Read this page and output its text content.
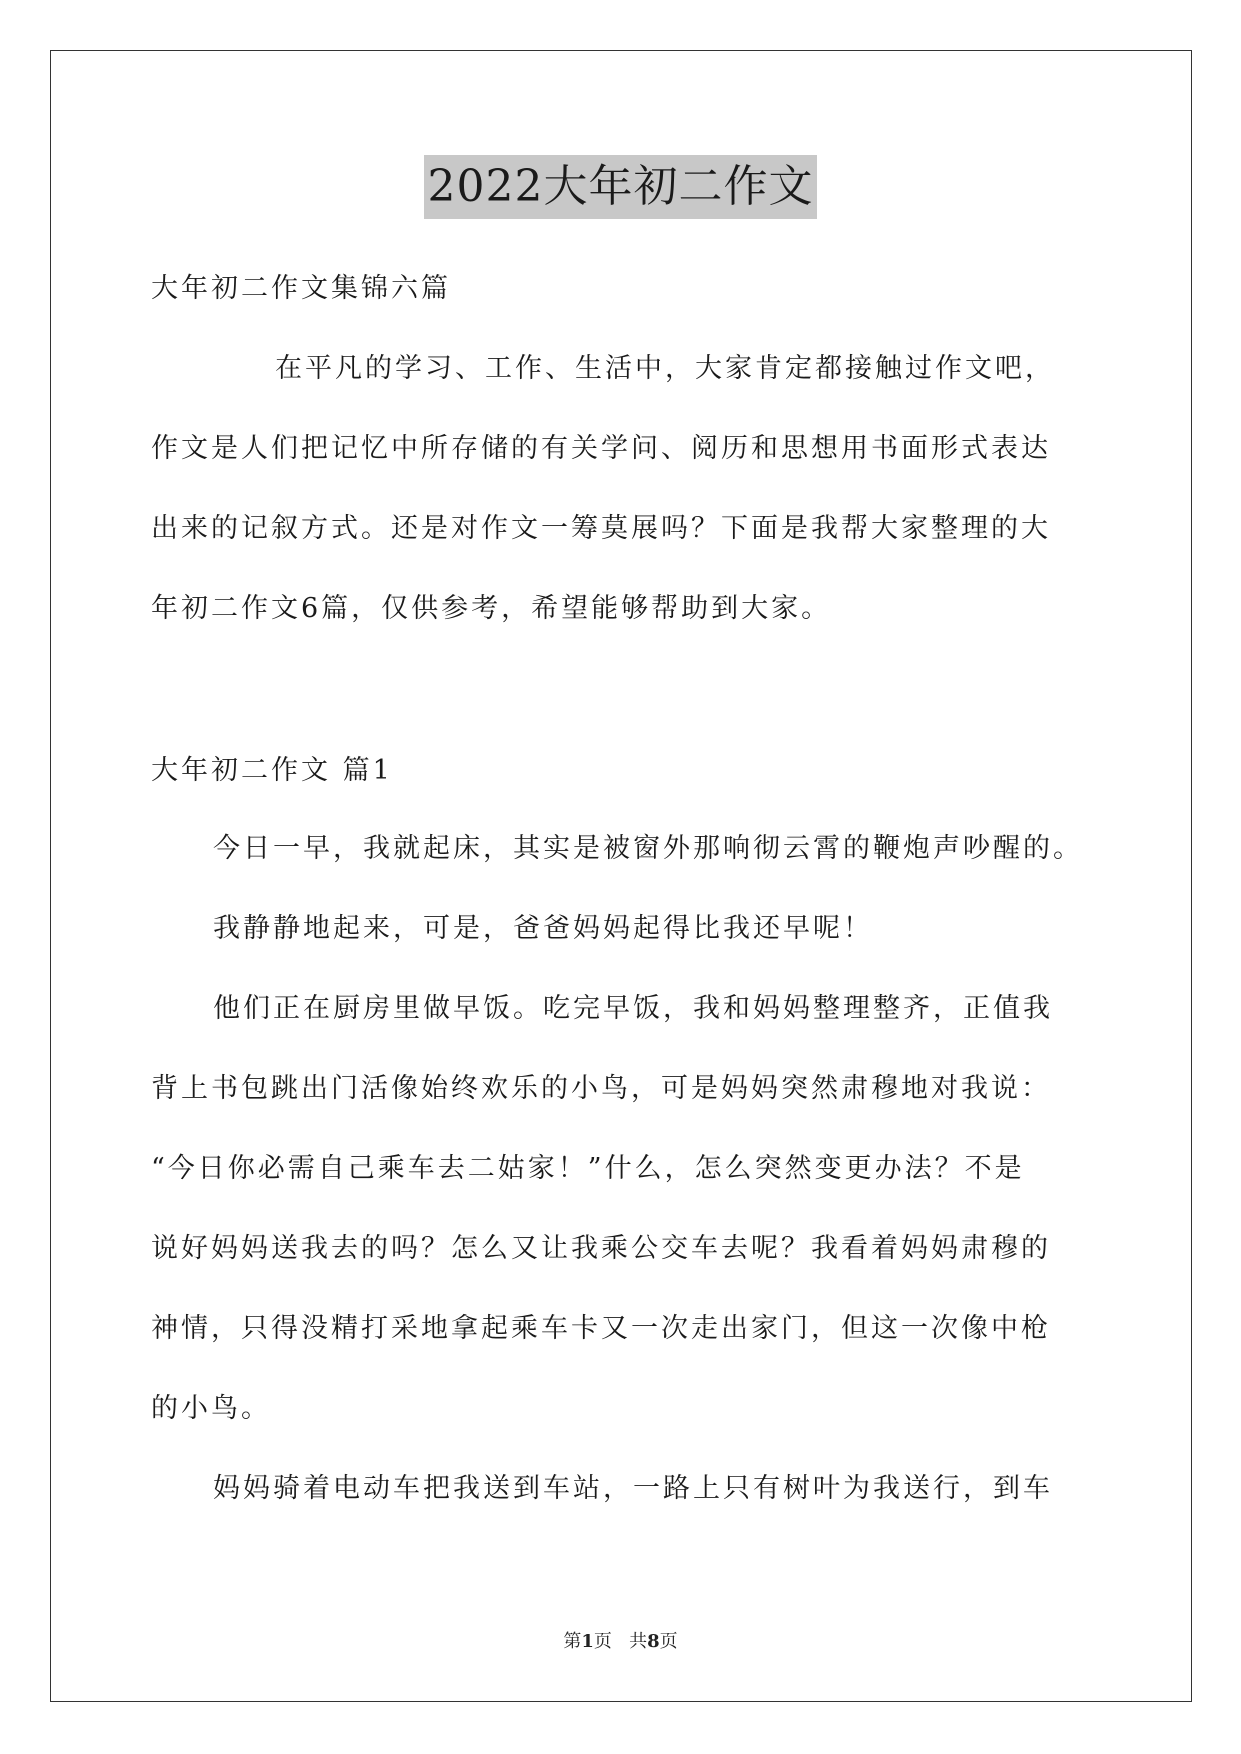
2022大年初二作文
大年初二作文集锦六篇
在平凡的学习、工作、生活中，大家肯定都接触过作文吧，
作文是人们把记忆中所存储的有关学问、阅历和思想用书面形式表达
出来的记叙方式。还是对作文一筹莫展吗？下面是我帮大家整理的大
年初二作文6篇，仅供参考，希望能够帮助到大家。
大年初二作文 篇1
今日一早，我就起床，其实是被窗外那响彻云霄的鞭炮声吵醒的。
我静静地起来，可是，爸爸妈妈起得比我还早呢！
他们正在厨房里做早饭。吃完早饭，我和妈妈整理整齐，正值我
背上书包跳出门活像始终欢乐的小鸟，可是妈妈突然肃穆地对我说：
“今日你必需自己乘车去二姑家！”什么，怎么突然变更办法？不是
说好妈妈送我去的吗？怎么又让我乘公交车去呢？我看着妈妈肃穆的
神情，只得没精打采地拿起乘车卡又一次走出家门，但这一次像中枪
的小鸟。
妈妈骑着电动车把我送到车站，一路上只有树叶为我送行，到车
第1页   共8页
